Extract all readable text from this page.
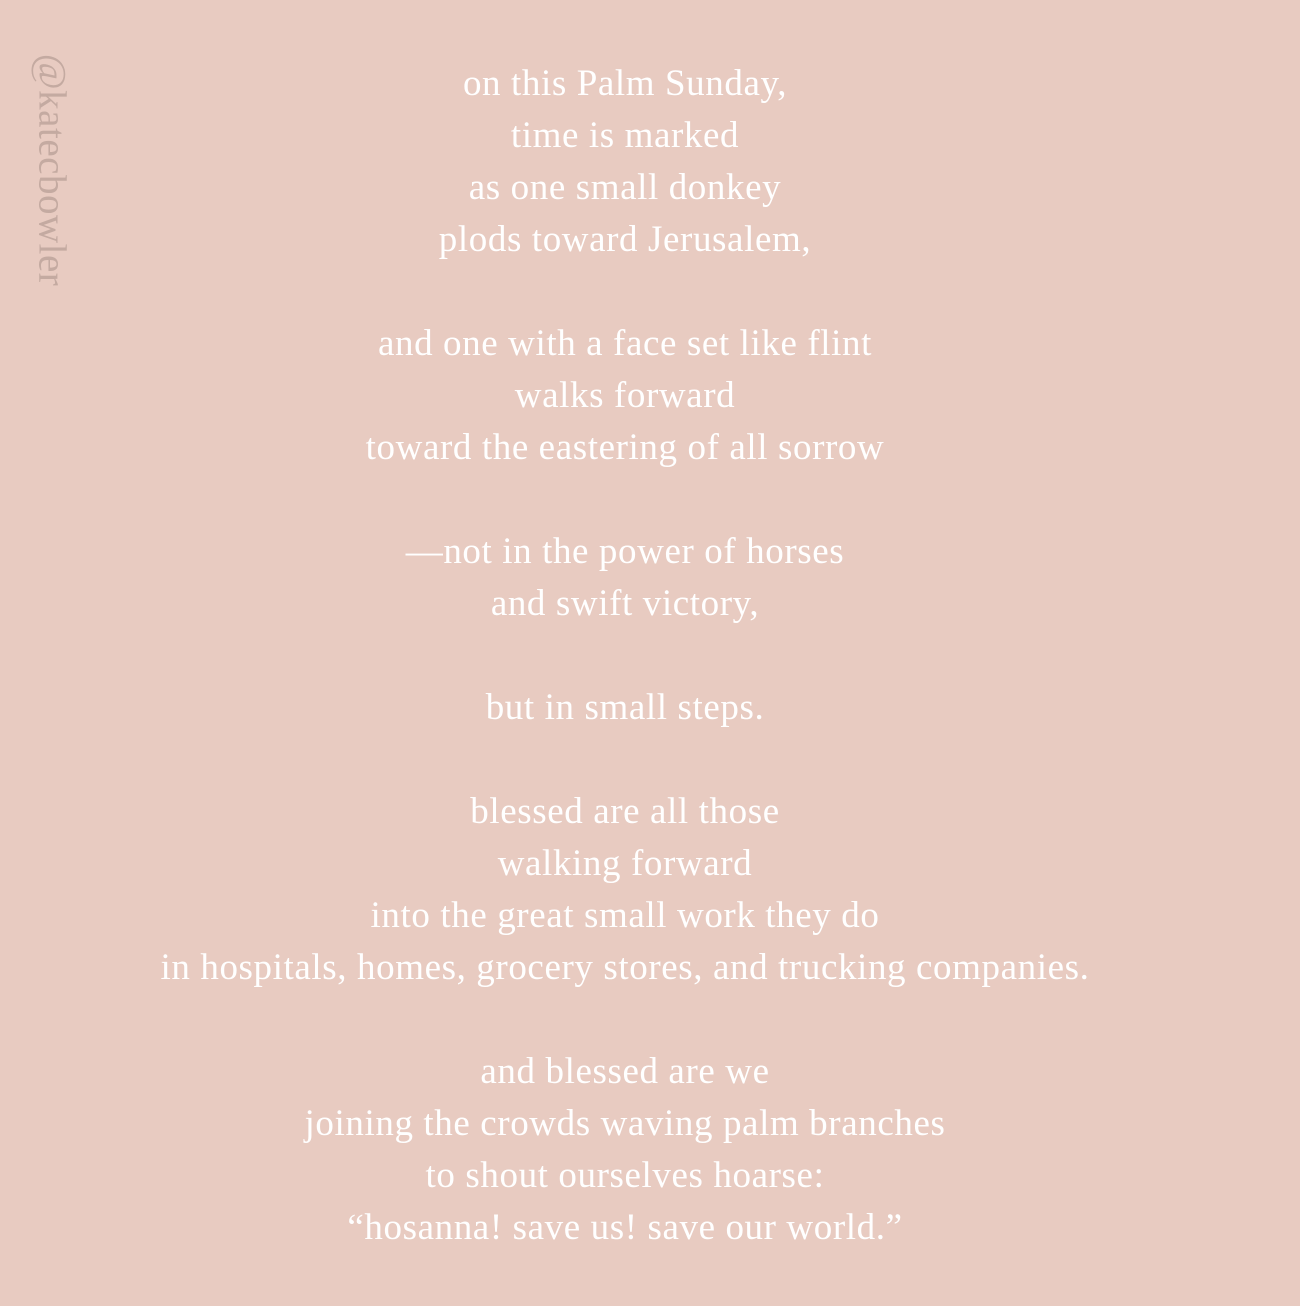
@katecbowler	on this Palm Sunday,
time is marked
as one small donkey
plods toward Jerusalem,
and one with a face set like flint
walks forward
toward the eastering of all sorrow
—not in the power of horses
and swift victory,
but in small steps.
blessed are all those
walking forward
into the great small work they do
in hospitals, homes, grocery stores, and trucking companies.
and blessed are we
joining the crowds waving palm branches
to shout ourselves hoarse:
“hosanna! save us! save our world.”
